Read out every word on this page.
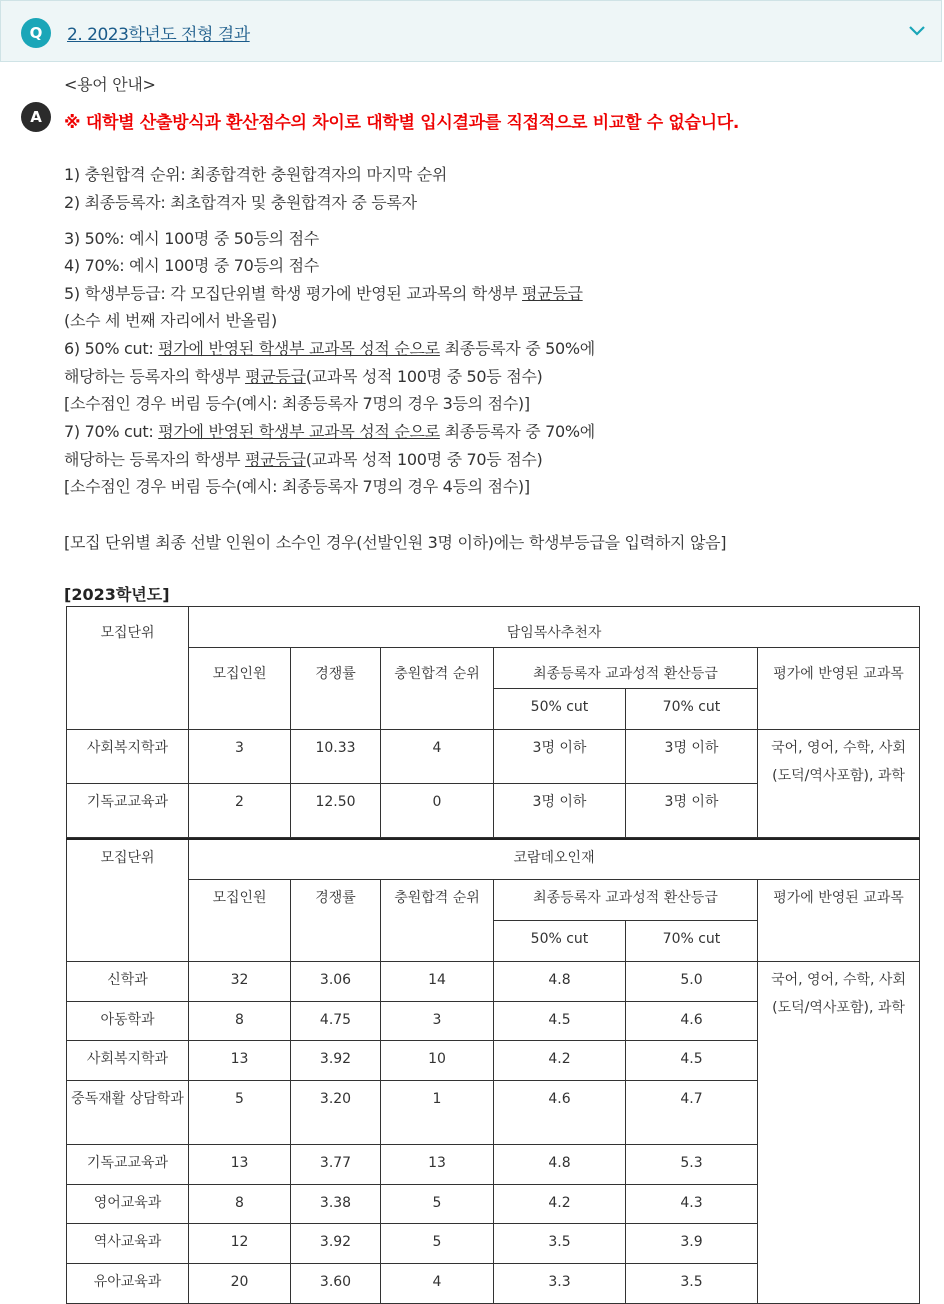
Q	2. 2023학년도 전형 결과
A
<용어 안내>
※ 대학별 산출방식과 환산점수의 차이로 대학별 입시결과를 직접적으로 비교할 수 없습니다.
1) 충원합격 순위: 최종합격한 충원합격자의 마지막 순위
2) 최종등록자: 최초합격자 및 충원합격자 중 등록자
3) 50%: 예시 100명 중 50등의 점수
4) 70%: 예시 100명 중 70등의 점수
5) 학생부등급: 각 모집단위별 학생 평가에 반영된 교과목의 학생부 평균등급
(소수 세 번째 자리에서 반올림)
6) 50% cut: 평가에 반영된 학생부 교과목 성적 순으로 최종등록자 중 50%에
해당하는 등록자의 학생부 평균등급(교과목 성적 100명 중 50등 점수)
[소수점인 경우 버림 등수(예시: 최종등록자 7명의 경우 3등의 점수)]
7) 70% cut: 평가에 반영된 학생부 교과목 성적 순으로 최종등록자 중 70%에
해당하는 등록자의 학생부 평균등급(교과목 성적 100명 중 70등 점수)
[소수점인 경우 버림 등수(예시: 최종등록자 7명의 경우 4등의 점수)]
[모집 단위별 최종 선발 인원이 소수인 경우(선발인원 3명 이하)에는 학생부등급을 입력하지 않음]
[2023학년도]
모집단위	담임목사추천자					
	모집인원	경쟁률	충원합격 순위	최종등록자 교과성적 환산등급		평가에 반영된 교과목
				50% cut	70% cut	
사회복지학과	3	10.33	4	3명 이하	3명 이하	국어, 영어, 수학, 사회(도덕/역사포함), 과학
기독교교육과	2	12.50	0	3명 이하	3명 이하	
모집단위	코람데오인재					
	모집인원	경쟁률	충원합격 순위	최종등록자 교과성적 환산등급		평가에 반영된 교과목
				50% cut	70% cut	
신학과	32	3.06	14	4.8	5.0	국어, 영어, 수학, 사회(도덕/역사포함), 과학
아동학과	8	4.75	3	4.5	4.6	
사회복지학과	13	3.92	10	4.2	4.5	
중독재활 상담학과	5	3.20	1	4.6	4.7	
기독교교육과	13	3.77	13	4.8	5.3	
영어교육과	8	3.38	5	4.2	4.3	
역사교육과	12	3.92	5	3.5	3.9	
유아교육과	20	3.60	4	3.3	3.5	
